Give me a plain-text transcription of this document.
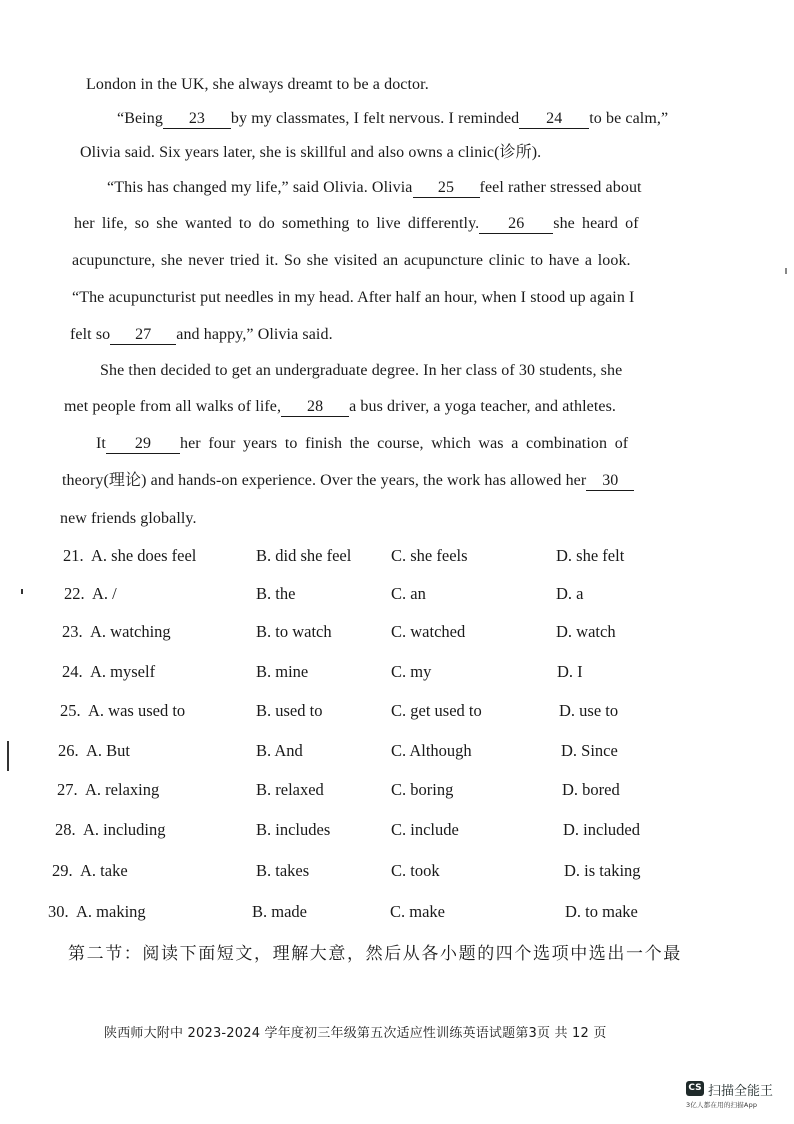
London in the UK, she always dreamt to be a doctor.
“Being 23 by my classmates, I felt nervous. I reminded 24 to be calm,”
Olivia said. Six years later, she is skillful and also owns a clinic(诊所).
“This has changed my life,” said Olivia. Olivia 25 feel rather stressed about
her life, so she wanted to do something to live differently. 26 she heard of
acupuncture, she never tried it. So she visited an acupuncture clinic to have a look.
“The acupuncturist put needles in my head. After half an hour, when I stood up again I
felt so 27 and happy,” Olivia said.
She then decided to get an undergraduate degree. In her class of 30 students, she
met people from all walks of life, 28 a bus driver, a yoga teacher, and athletes.
It 29 her four years to finish the course, which was a combination of
theory(理论) and hands-on experience. Over the years, the work has allowed her 30
new friends globally.
21. A. she does feel	B. did she feel C. she feels	D. she felt
22. A. /	B. the	C. an	D. a
23. A. watching	B. to watch	C. watched	D. watch
24. A. myself	B. mine	C. my	D. I
25. A. was used to	B. used to	C. get used to	D. use to
26. A. But	B. And	C. Although	D. Since
27. A. relaxing	B. relaxed	C. boring	D. bored
28. A. including	B. includes	C. include	D. included
29. A. take	B. takes	C. took	D. is taking
30. A. making	B. made	C. make	D. to make
第二节：阅读下面短文，理解大意，然后从各小题的四个选项中选出一个最
陕西师大附中 2023-2024 学年度初三年级第五次适应性训练英语试题第3页 共 12 页
CS 扫描全能王
3亿人都在用的扫描App
